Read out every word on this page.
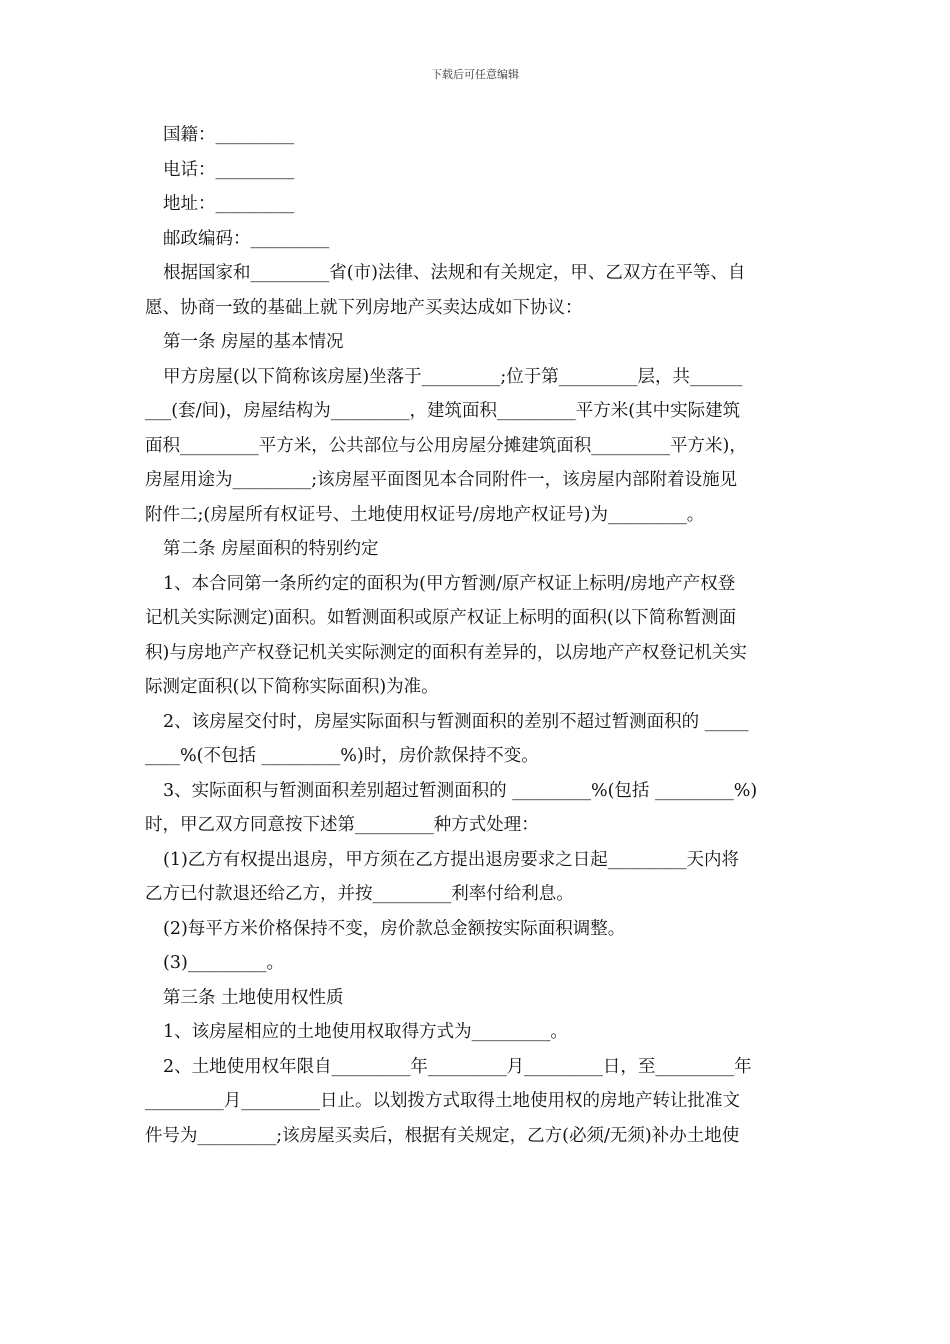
下载后可任意编辑
国籍：_________
电话：_________
地址：_________
邮政编码：_________
根据国家和_________省(市)法律、法规和有关规定，甲、乙双方在平等、自
愿、协商一致的基础上就下列房地产买卖达成如下协议：
第一条 房屋的基本情况
甲方房屋(以下简称该房屋)坐落于_________;位于第_________层，共______
___(套/间)，房屋结构为_________，建筑面积_________平方米(其中实际建筑
面积_________平方米，公共部位与公用房屋分摊建筑面积_________平方米)，
房屋用途为_________;该房屋平面图见本合同附件一，该房屋内部附着设施见
附件二;(房屋所有权证号、土地使用权证号/房地产权证号)为_________。
第二条 房屋面积的特别约定
1、本合同第一条所约定的面积为(甲方暂测/原产权证上标明/房地产产权登
记机关实际测定)面积。如暂测面积或原产权证上标明的面积(以下简称暂测面
积)与房地产产权登记机关实际测定的面积有差异的，以房地产产权登记机关实
际测定面积(以下简称实际面积)为准。
2、该房屋交付时，房屋实际面积与暂测面积的差别不超过暂测面积的 _____
____%(不包括 _________%)时，房价款保持不变。
3、实际面积与暂测面积差别超过暂测面积的 _________%(包括 _________%)
时，甲乙双方同意按下述第_________种方式处理：
(1)乙方有权提出退房，甲方须在乙方提出退房要求之日起_________天内将
乙方已付款退还给乙方，并按_________利率付给利息。
(2)每平方米价格保持不变，房价款总金额按实际面积调整。
(3)_________。
第三条 土地使用权性质
1、该房屋相应的土地使用权取得方式为_________。
2、土地使用权年限自_________年_________月_________日，至_________年
_________月_________日止。以划拨方式取得土地使用权的房地产转让批准文
件号为_________;该房屋买卖后，根据有关规定，乙方(必须/无须)补办土地使
